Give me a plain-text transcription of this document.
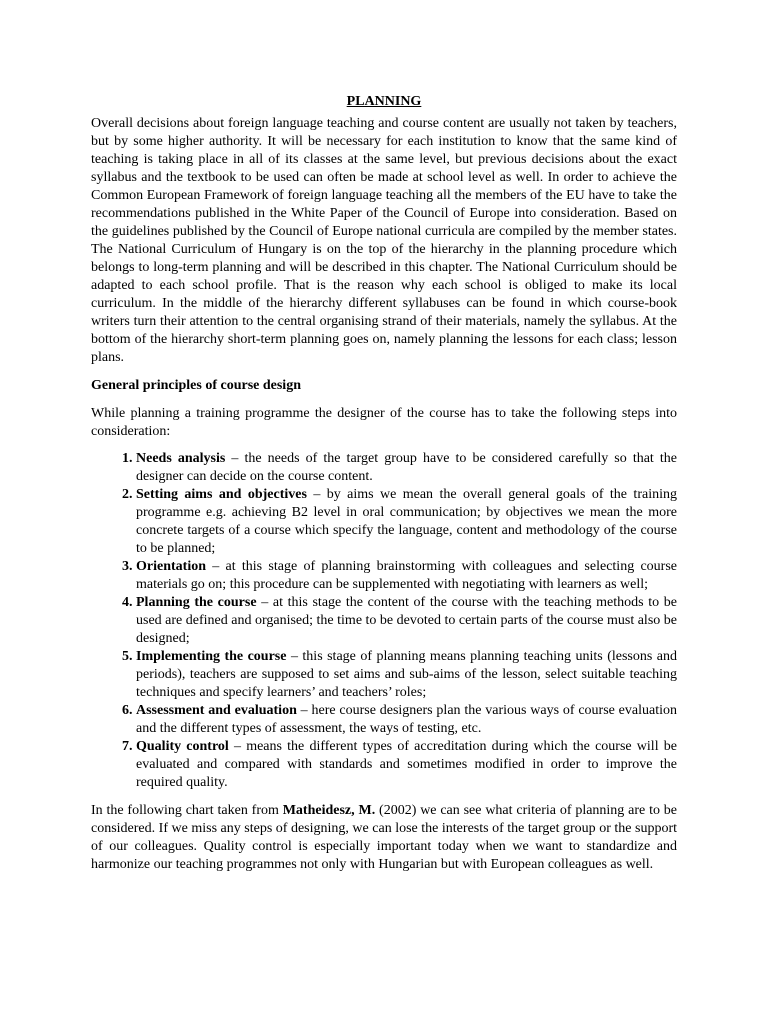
PLANNING

Overall decisions about foreign language teaching and course content are usually not taken by teachers, but by some higher authority. It will be necessary for each institution to know that the same kind of teaching is taking place in all of its classes at the same level, but previous decisions about the exact syllabus and the textbook to be used can often be made at school level as well. In order to achieve the Common European Framework of foreign language teaching all the members of the EU have to take the recommendations published in the White Paper of the Council of Europe into consideration. Based on the guidelines published by the Council of Europe national curricula are compiled by the member states. The National Curriculum of Hungary is on the top of the hierarchy in the planning procedure which belongs to long-term planning and will be described in this chapter. The National Curriculum should be adapted to each school profile. That is the reason why each school is obliged to make its local curriculum. In the middle of the hierarchy different syllabuses can be found in which course-book writers turn their attention to the central organising strand of their materials, namely the syllabus. At the bottom of the hierarchy short-term planning goes on, namely planning the lessons for each class; lesson plans.

General principles of course design

While planning a training programme the designer of the course has to take the following steps into consideration:

1. Needs analysis – the needs of the target group have to be considered carefully so that the designer can decide on the course content.
2. Setting aims and objectives – by aims we mean the overall general goals of the training programme e.g. achieving B2 level in oral communication; by objectives we mean the more concrete targets of a course which specify the language, content and methodology of the course to be planned;
3. Orientation – at this stage of planning brainstorming with colleagues and selecting course materials go on; this procedure can be supplemented with negotiating with learners as well;
4. Planning the course – at this stage the content of the course with the teaching methods to be used are defined and organised; the time to be devoted to certain parts of the course must also be designed;
5. Implementing the course – this stage of planning means planning teaching units (lessons and periods), teachers are supposed to set aims and sub-aims of the lesson, select suitable teaching techniques and specify learners’ and teachers’ roles;
6. Assessment and evaluation – here course designers plan the various ways of course evaluation and the different types of assessment, the ways of testing, etc.
7. Quality control – means the different types of accreditation during which the course will be evaluated and compared with standards and sometimes modified in order to improve the required quality.

In the following chart taken from Matheidesz, M. (2002) we can see what criteria of planning are to be considered. If we miss any steps of designing, we can lose the interests of the target group or the support of our colleagues. Quality control is especially important today when we want to standardize and harmonize our teaching programmes not only with Hungarian but with European colleagues as well.
